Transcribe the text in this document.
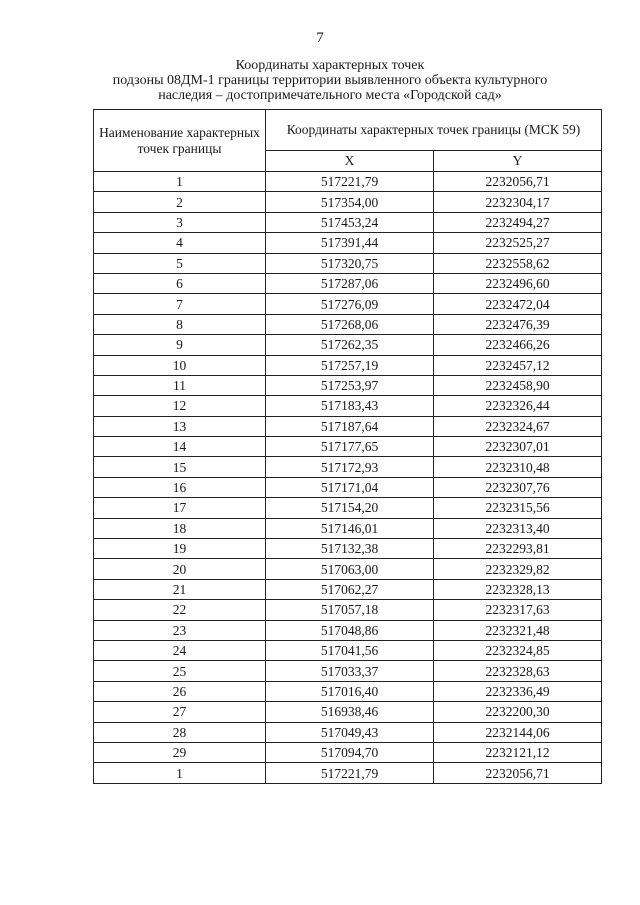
7
Координаты характерных точек
подзоны 08ДМ-1 границы территории выявленного объекта культурного
наследия – достопримечательного места «Городской сад»
Наименование характерных точек границы	Координаты характерных точек границы (МСК 59)	
	X	Y
1	517221,79	2232056,71
2	517354,00	2232304,17
3	517453,24	2232494,27
4	517391,44	2232525,27
5	517320,75	2232558,62
6	517287,06	2232496,60
7	517276,09	2232472,04
8	517268,06	2232476,39
9	517262,35	2232466,26
10	517257,19	2232457,12
11	517253,97	2232458,90
12	517183,43	2232326,44
13	517187,64	2232324,67
14	517177,65	2232307,01
15	517172,93	2232310,48
16	517171,04	2232307,76
17	517154,20	2232315,56
18	517146,01	2232313,40
19	517132,38	2232293,81
20	517063,00	2232329,82
21	517062,27	2232328,13
22	517057,18	2232317,63
23	517048,86	2232321,48
24	517041,56	2232324,85
25	517033,37	2232328,63
26	517016,40	2232336,49
27	516938,46	2232200,30
28	517049,43	2232144,06
29	517094,70	2232121,12
1	517221,79	2232056,71
